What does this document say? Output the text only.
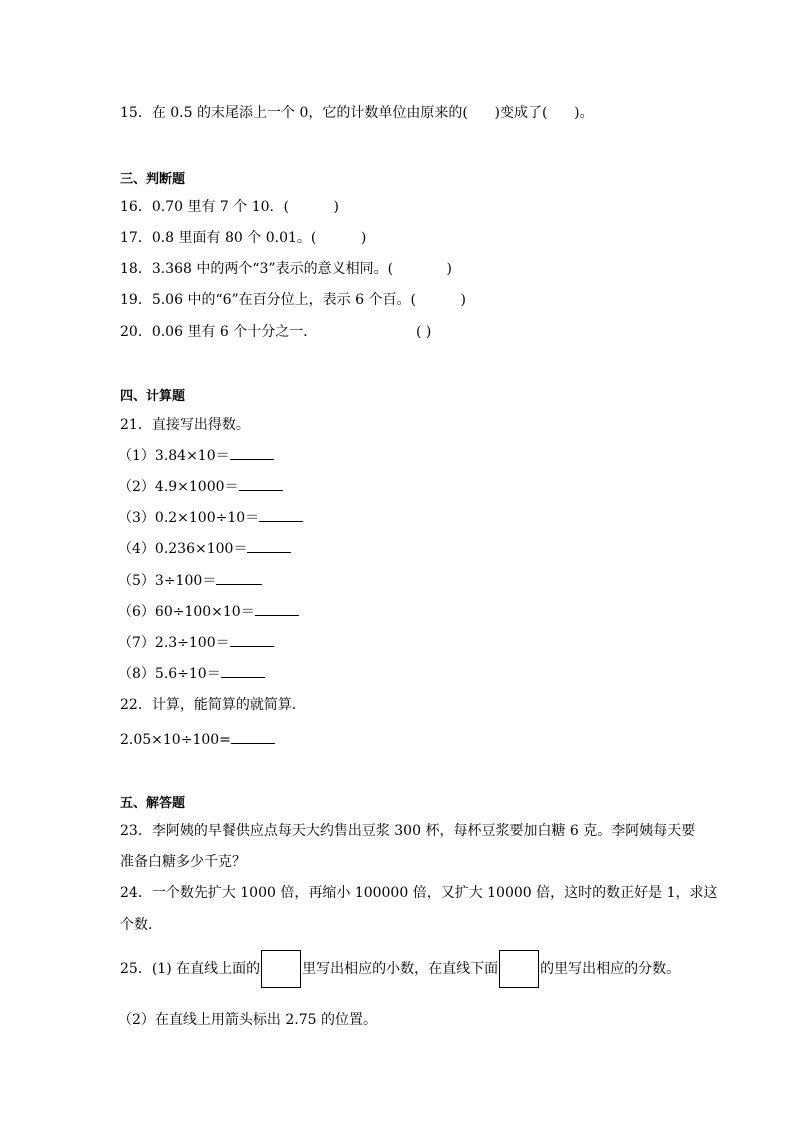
15．在 0.5 的末尾添上一个 0，它的计数单位由原来的(      )变成了(      )。
三、判断题
16．0.70 里有 7 个 10．(          )
17．0.8 里面有 80 个 0.01。(          )
18．3.368 中的两个“3”表示的意义相同。(            )
19．5.06 中的“6”在百分位上，表示 6 个百。(          )
20．0.06 里有 6 个十分之一．	( )
四、计算题
21．直接写出得数。
（1）3.84×10＝
（2）4.9×1000＝
（3）0.2×100÷10＝
（4）0.236×100＝
（5）3÷100＝
（6）60÷100×10＝
（7）2.3÷100＝
（8）5.6÷10＝
22．计算，能简算的就简算．
2.05×10÷100=
五、解答题
23．李阿姨的早餐供应点每天大约售出豆浆 300 杯，每杯豆浆要加白糖 6 克。李阿姨每天要
准备白糖多少千克？
24．一个数先扩大 1000 倍，再缩小 100000 倍，又扩大 10000 倍，这时的数正好是 1，求这
个数．
25．(1) 在直线上面的	里写出相应的小数，在直线下面	的里写出相应的分数。
（2）在直线上用箭头标出 2.75 的位置。
